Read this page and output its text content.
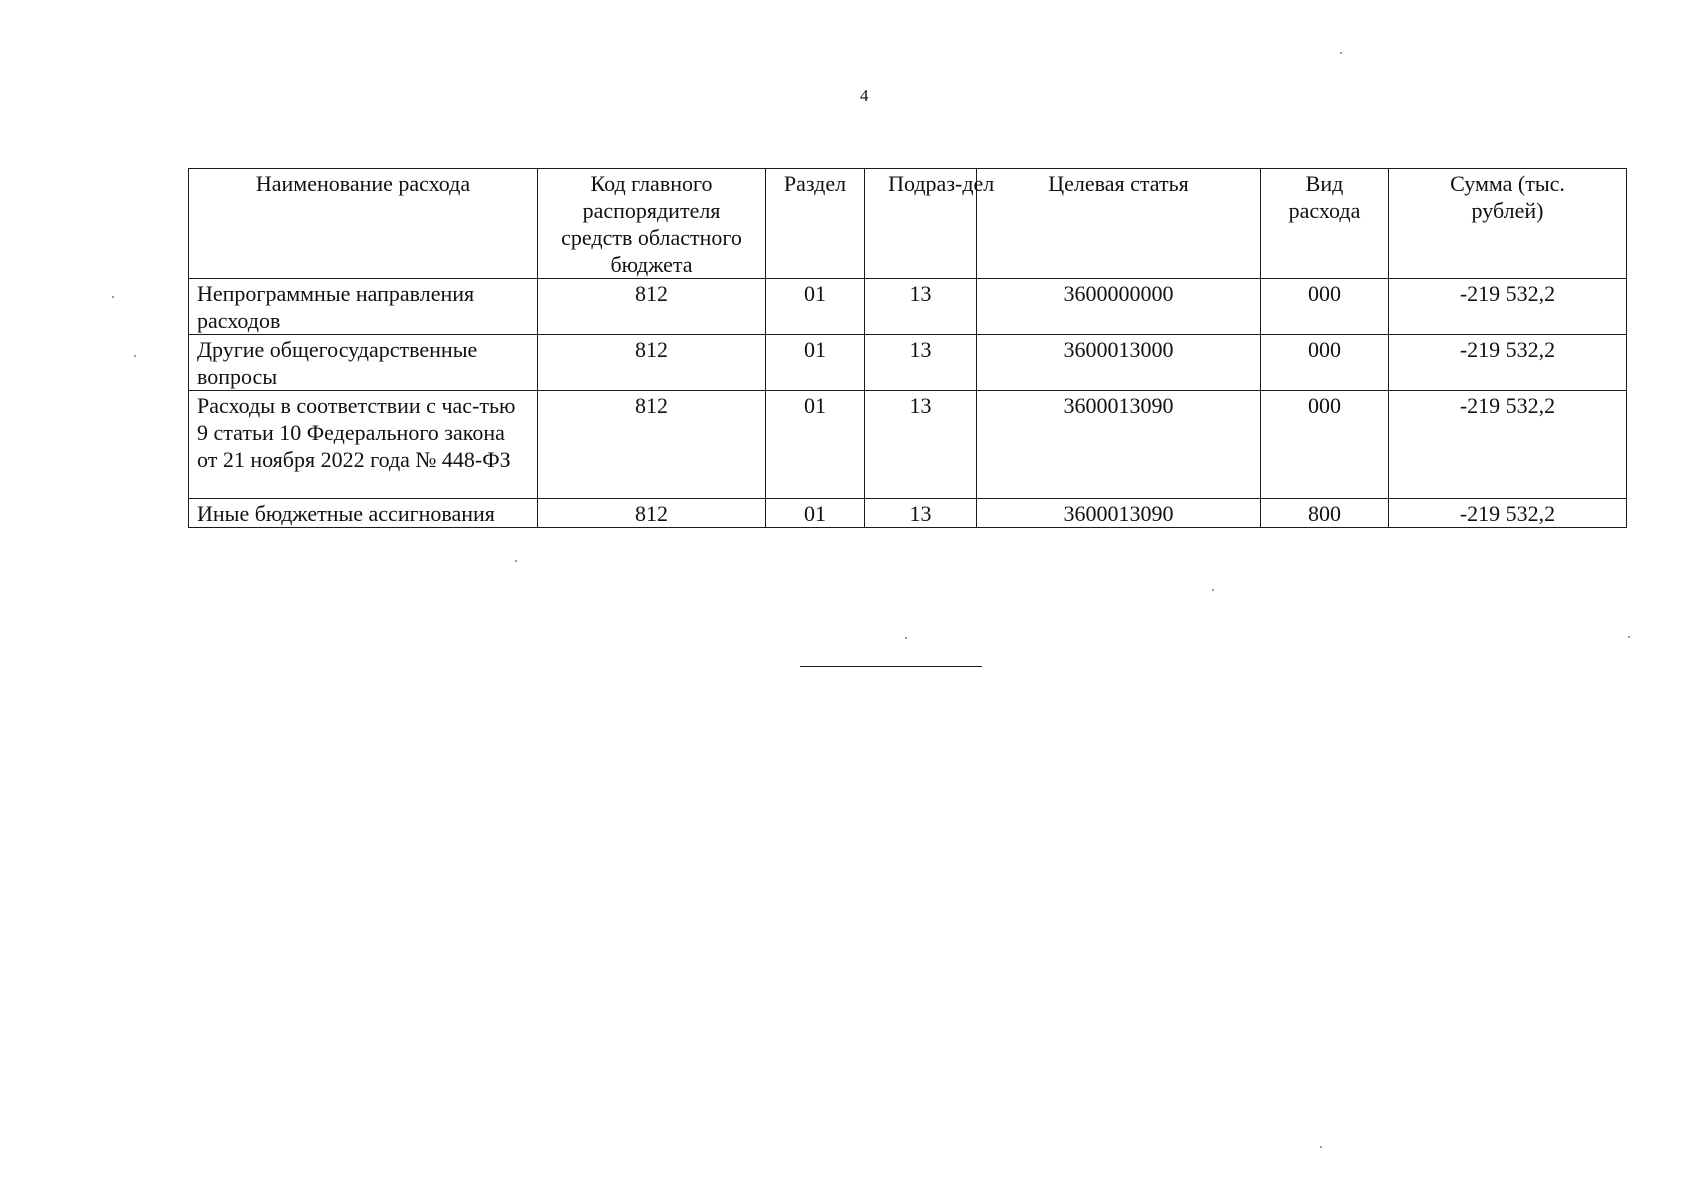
4
Наименование расхода	Код главного распорядителя средств областного бюджета	Раздел	Подраз-дел	Целевая статья	Вид расхода	Сумма (тыс. рублей)

Непрограммные направления расходов	812	01	13	3600000000	000	-219 532,2
Другие общегосударственные вопросы	812	01	13	3600013000	000	-219 532,2
Расходы в соответствии с час-тью 9 статьи 10 Федерального закона от 21 ноября 2022 года № 448-ФЗ	812	01	13	3600013090	000	-219 532,2
Иные бюджетные ассигнования	812	01	13	3600013090	800	-219 532,2
